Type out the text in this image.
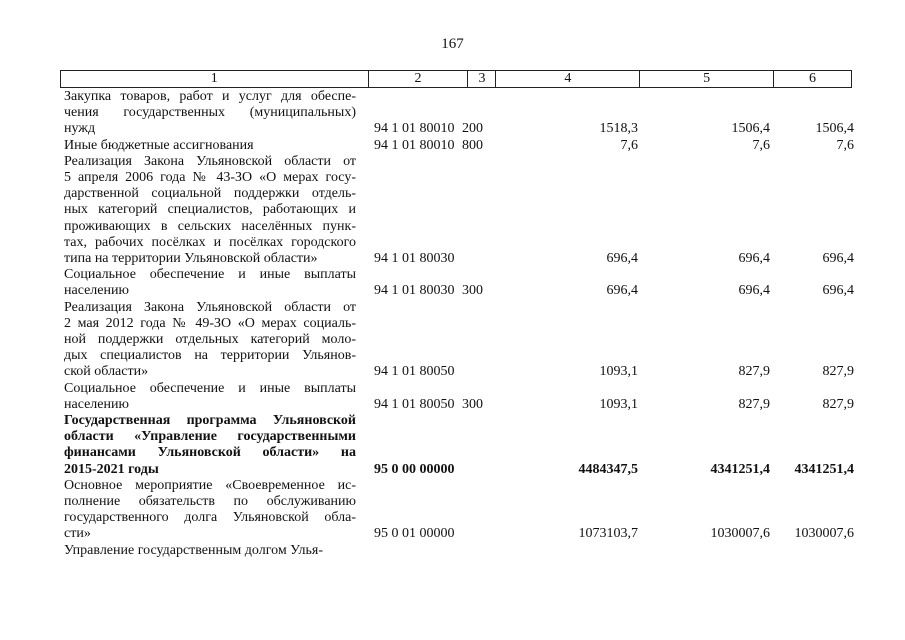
167
1	2	3	4	5	6
Закупка товаров, работ и услуг для обеспе-
чения государственных (муниципальных)
нужд	94 1 01 80010 200	1518,3	1506,4	1506,4
Иные бюджетные ассигнования	94 1 01 80010 800	7,6	7,6	7,6
Реализация Закона Ульяновской области от
5 апреля 2006 года № 43-ЗО «О мерах госу-
дарственной социальной поддержки отдель-
ных категорий специалистов, работающих и
проживающих в сельских населённых пунк-
тах, рабочих посёлках и посёлках городского
типа на территории Ульяновской области»	94 1 01 80030	696,4	696,4	696,4
Социальное обеспечение и иные выплаты
населению	94 1 01 80030 300	696,4	696,4	696,4
Реализация Закона Ульяновской области от
2 мая 2012 года № 49-ЗО «О мерах социаль-
ной поддержки отдельных категорий моло-
дых специалистов на территории Ульянов-
ской области»	94 1 01 80050	1093,1	827,9	827,9
Социальное обеспечение и иные выплаты
населению	94 1 01 80050 300	1093,1	827,9	827,9
Государственная программа Ульяновской
области «Управление государственными
финансами Ульяновской области» на
2015-2021 годы	95 0 00 00000	4484347,5	4341251,4	4341251,4
Основное мероприятие «Своевременное ис-
полнение обязательств по обслуживанию
государственного долга Ульяновской обла-
сти»	95 0 01 00000	1073103,7	1030007,6	1030007,6
Управление государственным долгом Улья-
